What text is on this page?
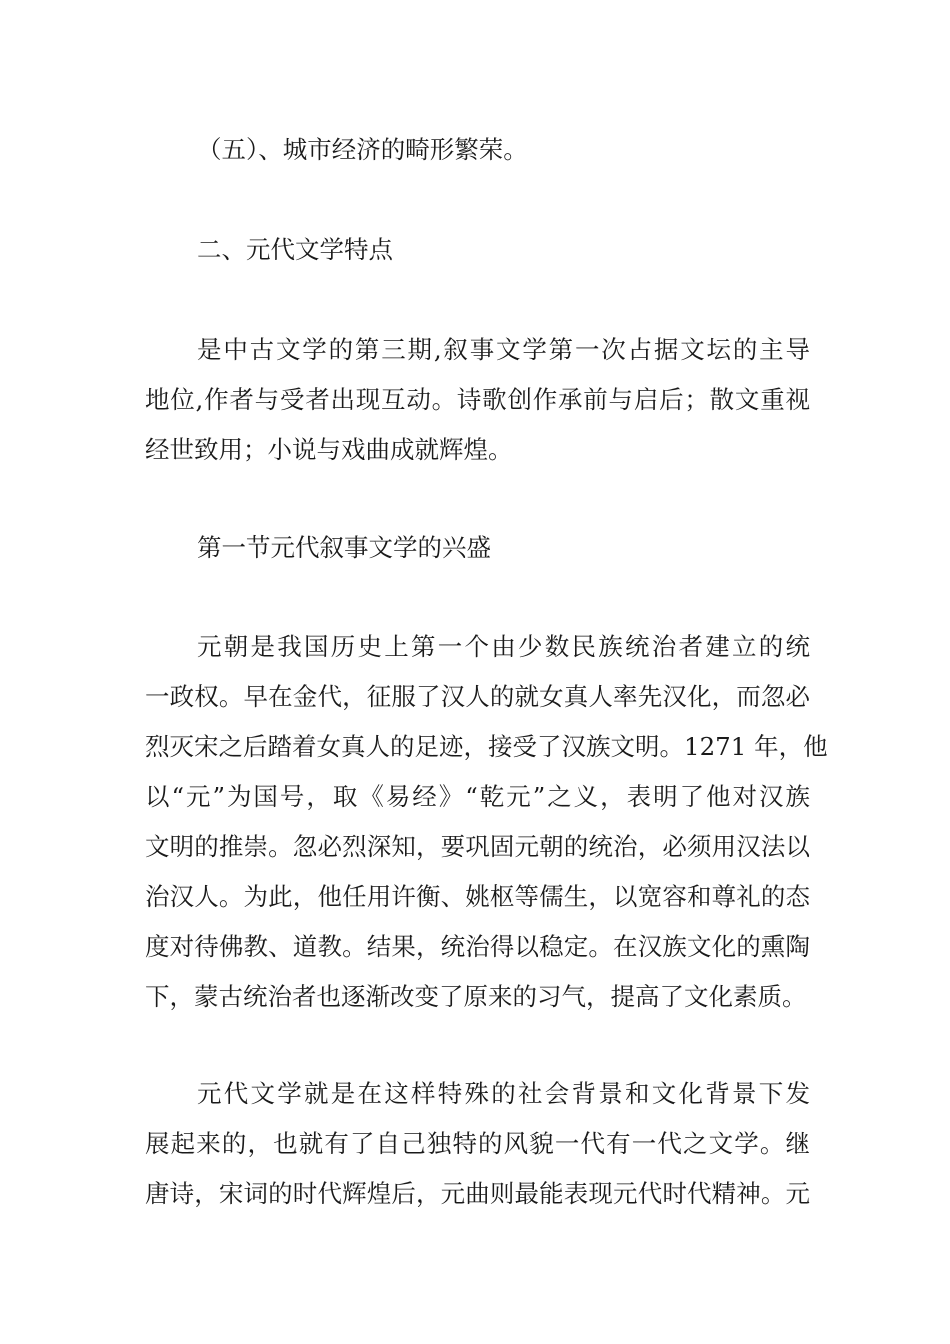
（五）、城市经济的畸形繁荣。

二、元代文学特点

是中古文学的第三期,叙事文学第一次占据文坛的主导
地位,作者与受者出现互动。诗歌创作承前与启后；散文重视
经世致用；小说与戏曲成就辉煌。

第一节元代叙事文学的兴盛

元朝是我国历史上第一个由少数民族统治者建立的统
一政权。早在金代，征服了汉人的就女真人率先汉化，而忽必
烈灭宋之后踏着女真人的足迹，接受了汉族文明。1271 年，他
以“元”为国号，取《易经》“乾元”之义，表明了他对汉族
文明的推崇。忽必烈深知，要巩固元朝的统治，必须用汉法以
治汉人。为此，他任用许衡、姚枢等儒生，以宽容和尊礼的态
度对待佛教、道教。结果，统治得以稳定。在汉族文化的熏陶
下，蒙古统治者也逐渐改变了原来的习气，提高了文化素质。
元代文学就是在这样特殊的社会背景和文化背景下发
展起来的，也就有了自己独特的风貌一代有一代之文学。继
唐诗，宋词的时代辉煌后，元曲则最能表现元代时代精神。元
